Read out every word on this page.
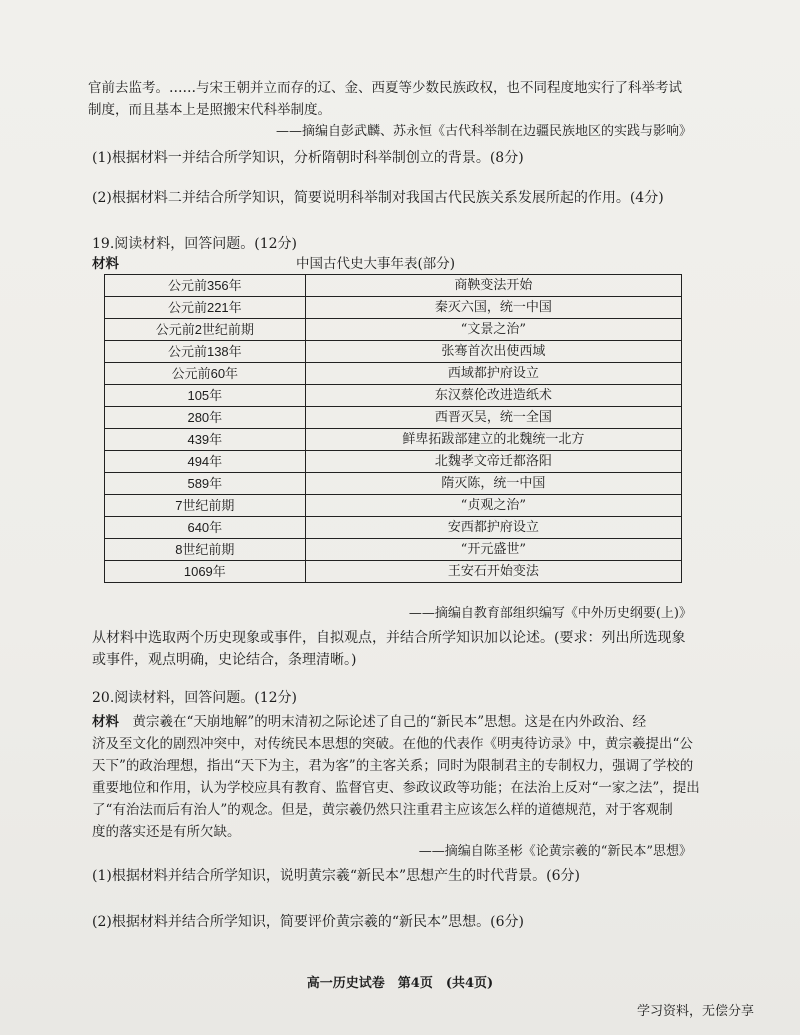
官前去监考。……与宋王朝并立而存的辽、金、西夏等少数民族政权，也不同程度地实行了科举考试
制度，而且基本上是照搬宋代科举制度。
——摘编自彭武麟、苏永恒《古代科举制在边疆民族地区的实践与影响》
(1)根据材料一并结合所学知识，分析隋朝时科举制创立的背景。(8分)
(2)根据材料二并结合所学知识，简要说明科举制对我国古代民族关系发展所起的作用。(4分)
19.阅读材料，回答问题。(12分)
材料	中国古代史大事年表(部分)
公元前356年	商鞅变法开始
公元前221年	秦灭六国，统一中国
公元前2世纪前期	“文景之治”
公元前138年	张骞首次出使西域
公元前60年	西域都护府设立
105年	东汉蔡伦改进造纸术
280年	西晋灭吴，统一全国
439年	鲜卑拓跋部建立的北魏统一北方
494年	北魏孝文帝迁都洛阳
589年	隋灭陈，统一中国
7世纪前期	“贞观之治”
640年	安西都护府设立
8世纪前期	“开元盛世”
1069年	王安石开始变法
——摘编自教育部组织编写《中外历史纲要(上)》
从材料中选取两个历史现象或事件，自拟观点，并结合所学知识加以论述。(要求：列出所选现象
或事件，观点明确，史论结合，条理清晰。)
20.阅读材料，回答问题。(12分)
材料　 黄宗羲在“天崩地解”的明末清初之际论述了自己的“新民本”思想。这是在内外政治、经
济及至文化的剧烈冲突中，对传统民本思想的突破。在他的代表作《明夷待访录》中，黄宗羲提出“公
天下”的政治理想，指出“天下为主，君为客”的主客关系；同时为限制君主的专制权力，强调了学校的
重要地位和作用，认为学校应具有教育、监督官吏、参政议政等功能；在法治上反对“一家之法”，提出
了“有治法而后有治人”的观念。但是，黄宗羲仍然只注重君主应该怎么样的道德规范，对于客观制
度的落实还是有所欠缺。
——摘编自陈圣彬《论黄宗羲的“新民本”思想》
(1)根据材料并结合所学知识，说明黄宗羲“新民本”思想产生的时代背景。(6分)
(2)根据材料并结合所学知识，简要评价黄宗羲的“新民本”思想。(6分)
高一历史试卷　第4页　(共4页)
学习资料，无偿分享
